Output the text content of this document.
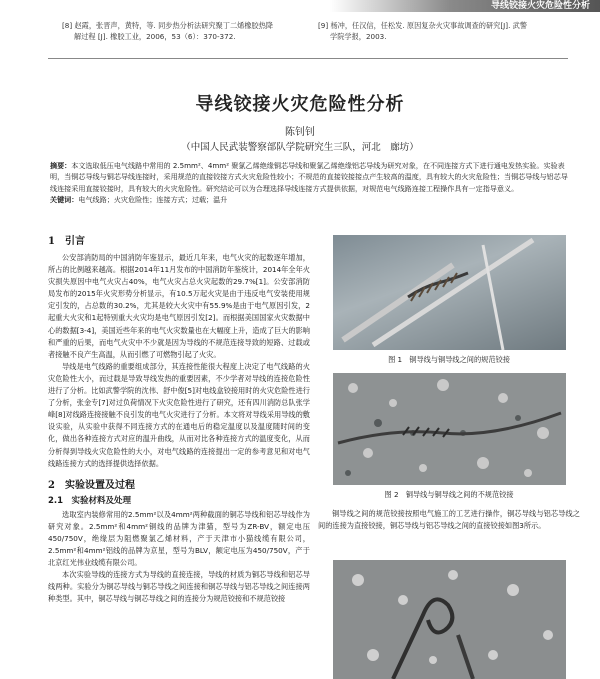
导线铰接火灾危险性分析
[8] 赵霞，张晋声，黄特，等. 同步热分析法研究聚丁二烯橡胶热降
解过程 [J]. 橡胶工业，2006，53（6）：370-372.
[9] 杨冲，任汉信，任松发. 原因复杂火灾事故调查的研究[J]. 武警
学院学报，2003.
导线铰接火灾危险性分析
陈钊钊
（中国人民武装警察部队学院研究生三队，河北　廊坊）
摘要：本文选取低压电气线路中常用的 2.5mm²、4mm² 聚氯乙烯绝缘铜芯导线和聚氯乙烯绝缘铝芯导线为研究对象，在不同连接方式下进行通电发热实验。实验表明，当铜芯导线与铜芯导线连接时，采用规范的直接铰接方式火灾危险性较小；不规范的直接铰接接点产生较高的温度，具有较大的火灾危险性；当铜芯导线与铝芯导线连接采用直接铰接时，具有较大的火灾危险性。研究结论可以为合理选择导线连接方式提供依据，对规范电气线路连接工程操作具有一定指导意义。
关键词：电气线路；火灾危险性；连接方式；过载；温升
1　引言

公安部消防局的中国消防年鉴显示，最近几年来，电气火灾的起数逐年增加，所占的比例越来越高。根据2014年11月发布的中国消防年鉴统计，2014年全年火灾损失原因中电气火灾占40%，电气火灾占总火灾起数的29.7%[1]。公安部消防局发布的2015年火灾形势分析显示，有10.5万起火灾是由于违反电气安装使用规定引发的，占总数的30.2%，尤其是较大火灾中有55.9%是由于电气原因引发，2起重大火灾和1起特别重大火灾均是电气原因引发[2]。而根据美国国家火灾数据中心的数据[3-4]，美国近些年来的电气火灾数量也在大幅度上升，造成了巨大的影响和严重的后果，而电气火灾中不少就是因为导线的不规范连接导致的短路、过载或者接触不良产生高温，从而引燃了可燃物引起了火灾。

导线是电气线路的重要组成部分，其连接性能很大程度上决定了电气线路的火灾危险性大小，而过载是导致导线发热的重要因素，不少学者对导线的连接危险性进行了分析。比如武警学院的沈伟、舒中俊[5]对电线盒铰接用时的火灾危险性进行了分析，张金专[7]对过负荷情况下火灾危险性进行了研究，还有四川消防总队张学峰[8]对线路连接接触不良引发的电气火灾进行了分析。本文将对导线采用导线的敷设实验，从实验中获得不同连接方式的在通电后的稳定温度以及温度随时间的变化，做出各种连接方式对应的温升曲线，从而对比各种连接方式的温度变化，从而分析得到导线火灾危险性的大小，对电气线路的连接提出一定的参考意见和对电气线路连接方式的选择提供选择依据。

2　实验设置及过程
2.1　实验材料及处理

选取室内装修常用的2.5mm²以及4mm²两种截面的铜芯导线和铝芯导线作为研究对象。2.5mm²和4mm²铜线的品牌为津猫，型号为ZR-BV，额定电压450/750V，绝缘层为阻燃聚氯乙烯材料，产于天津市小猫线缆有限公司，2.5mm²和4mm²铝线的品牌为京星，型号为BLV，额定电压为450/750V，产于北京红光伟业线缆有限公司。

本次实验导线的连接方式为导线的直接连接，导线的材质为铜芯导线和铝芯导线两种。实验分为铜芯导线与铜芯导线之间连接和铜芯导线与铝芯导线之间连接两种类型。其中，铜芯导线与铜芯导线之间的连接分为规范铰接和不规范铰接

图 1　铜导线与铜导线之间的规范铰接
图 2　铜导线与铜导线之间的不规范铰接

铜导线之间的规范铰接按照电气施工的工艺进行操作，铜芯导线与铝芯导线之间的连接为直接铰接，铜芯导线与铝芯导线之间的直接铰接如图3所示。
